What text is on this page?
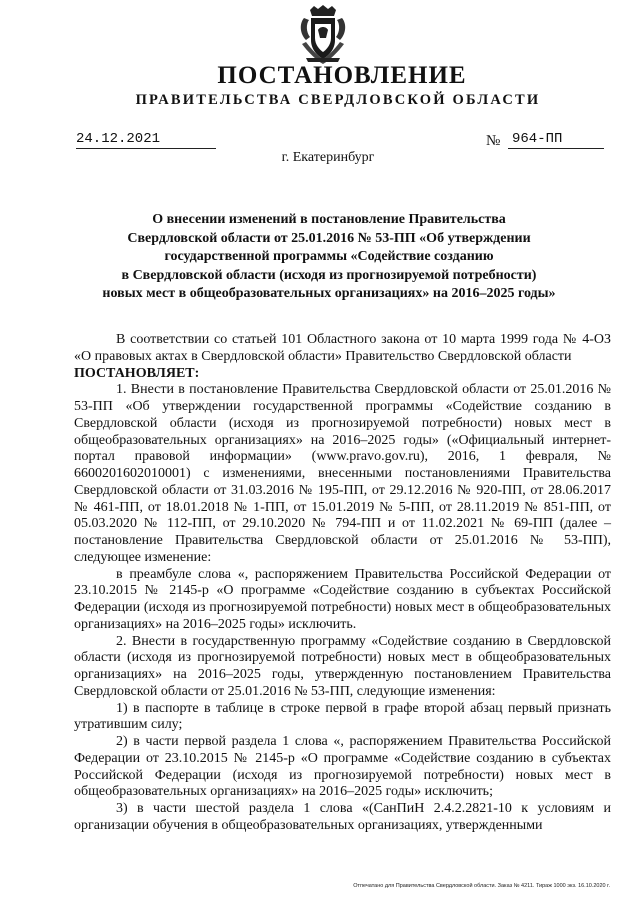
ПОСТАНОВЛЕНИЕ
ПРАВИТЕЛЬСТВА СВЕРДЛОВСКОЙ ОБЛАСТИ
24.12.2021	№ 964-ПП
г. Екатеринбург
О внесении изменений в постановление Правительства
Свердловской области от 25.01.2016 № 53-ПП «Об утверждении
государственной программы «Содействие созданию
в Свердловской области (исходя из прогнозируемой потребности)
новых мест в общеобразовательных организациях» на 2016–2025 годы»

В соответствии со статьей 101 Областного закона от 10 марта 1999 года № 4-ОЗ «О правовых актах в Свердловской области» Правительство Свердловской области

ПОСТАНОВЛЯЕТ:

1. Внести в постановление Правительства Свердловской области от 25.01.2016 № 53-ПП «Об утверждении государственной программы «Содействие созданию в Свердловской области (исходя из прогнозируемой потребности) новых мест в общеобразовательных организациях» на 2016–2025 годы» («Официальный интернет-портал правовой информации» (www.pravo.gov.ru), 2016, 1 февраля, № 6600201602010001) с изменениями, внесенными постановлениями Правительства Свердловской области от 31.03.2016 № 195-ПП, от 29.12.2016 № 920-ПП, от 28.06.2017 № 461-ПП, от 18.01.2018 № 1-ПП, от 15.01.2019 № 5-ПП, от 28.11.2019 № 851-ПП, от 05.03.2020 № 112-ПП, от 29.10.2020 № 794-ПП и от 11.02.2021 № 69-ПП (далее – постановление Правительства Свердловской области от 25.01.2016 № 53-ПП), следующее изменение:

в преамбуле слова «, распоряжением Правительства Российской Федерации от 23.10.2015 № 2145-р «О программе «Содействие созданию в субъектах Российской Федерации (исходя из прогнозируемой потребности) новых мест в общеобразовательных организациях» на 2016–2025 годы» исключить.

2. Внести в государственную программу «Содействие созданию в Свердловской области (исходя из прогнозируемой потребности) новых мест в общеобразовательных организациях» на 2016–2025 годы, утвержденную постановлением Правительства Свердловской области от 25.01.2016 № 53-ПП, следующие изменения:

1) в паспорте в таблице в строке первой в графе второй абзац первый признать утратившим силу;

2) в части первой раздела 1 слова «, распоряжением Правительства Российской Федерации от 23.10.2015 № 2145-р «О программе «Содействие созданию в субъектах Российской Федерации (исходя из прогнозируемой потребности) новых мест в общеобразовательных организациях» на 2016–2025 годы» исключить;

3) в части шестой раздела 1 слова «(СанПиН 2.4.2.2821-10 к условиям и организации обучения в общеобразовательных организациях, утвержденными

Отпечатано для Правительства Свердловской области. Заказ № 4211. Тираж 1000 экз. 16.10.2020 г.
